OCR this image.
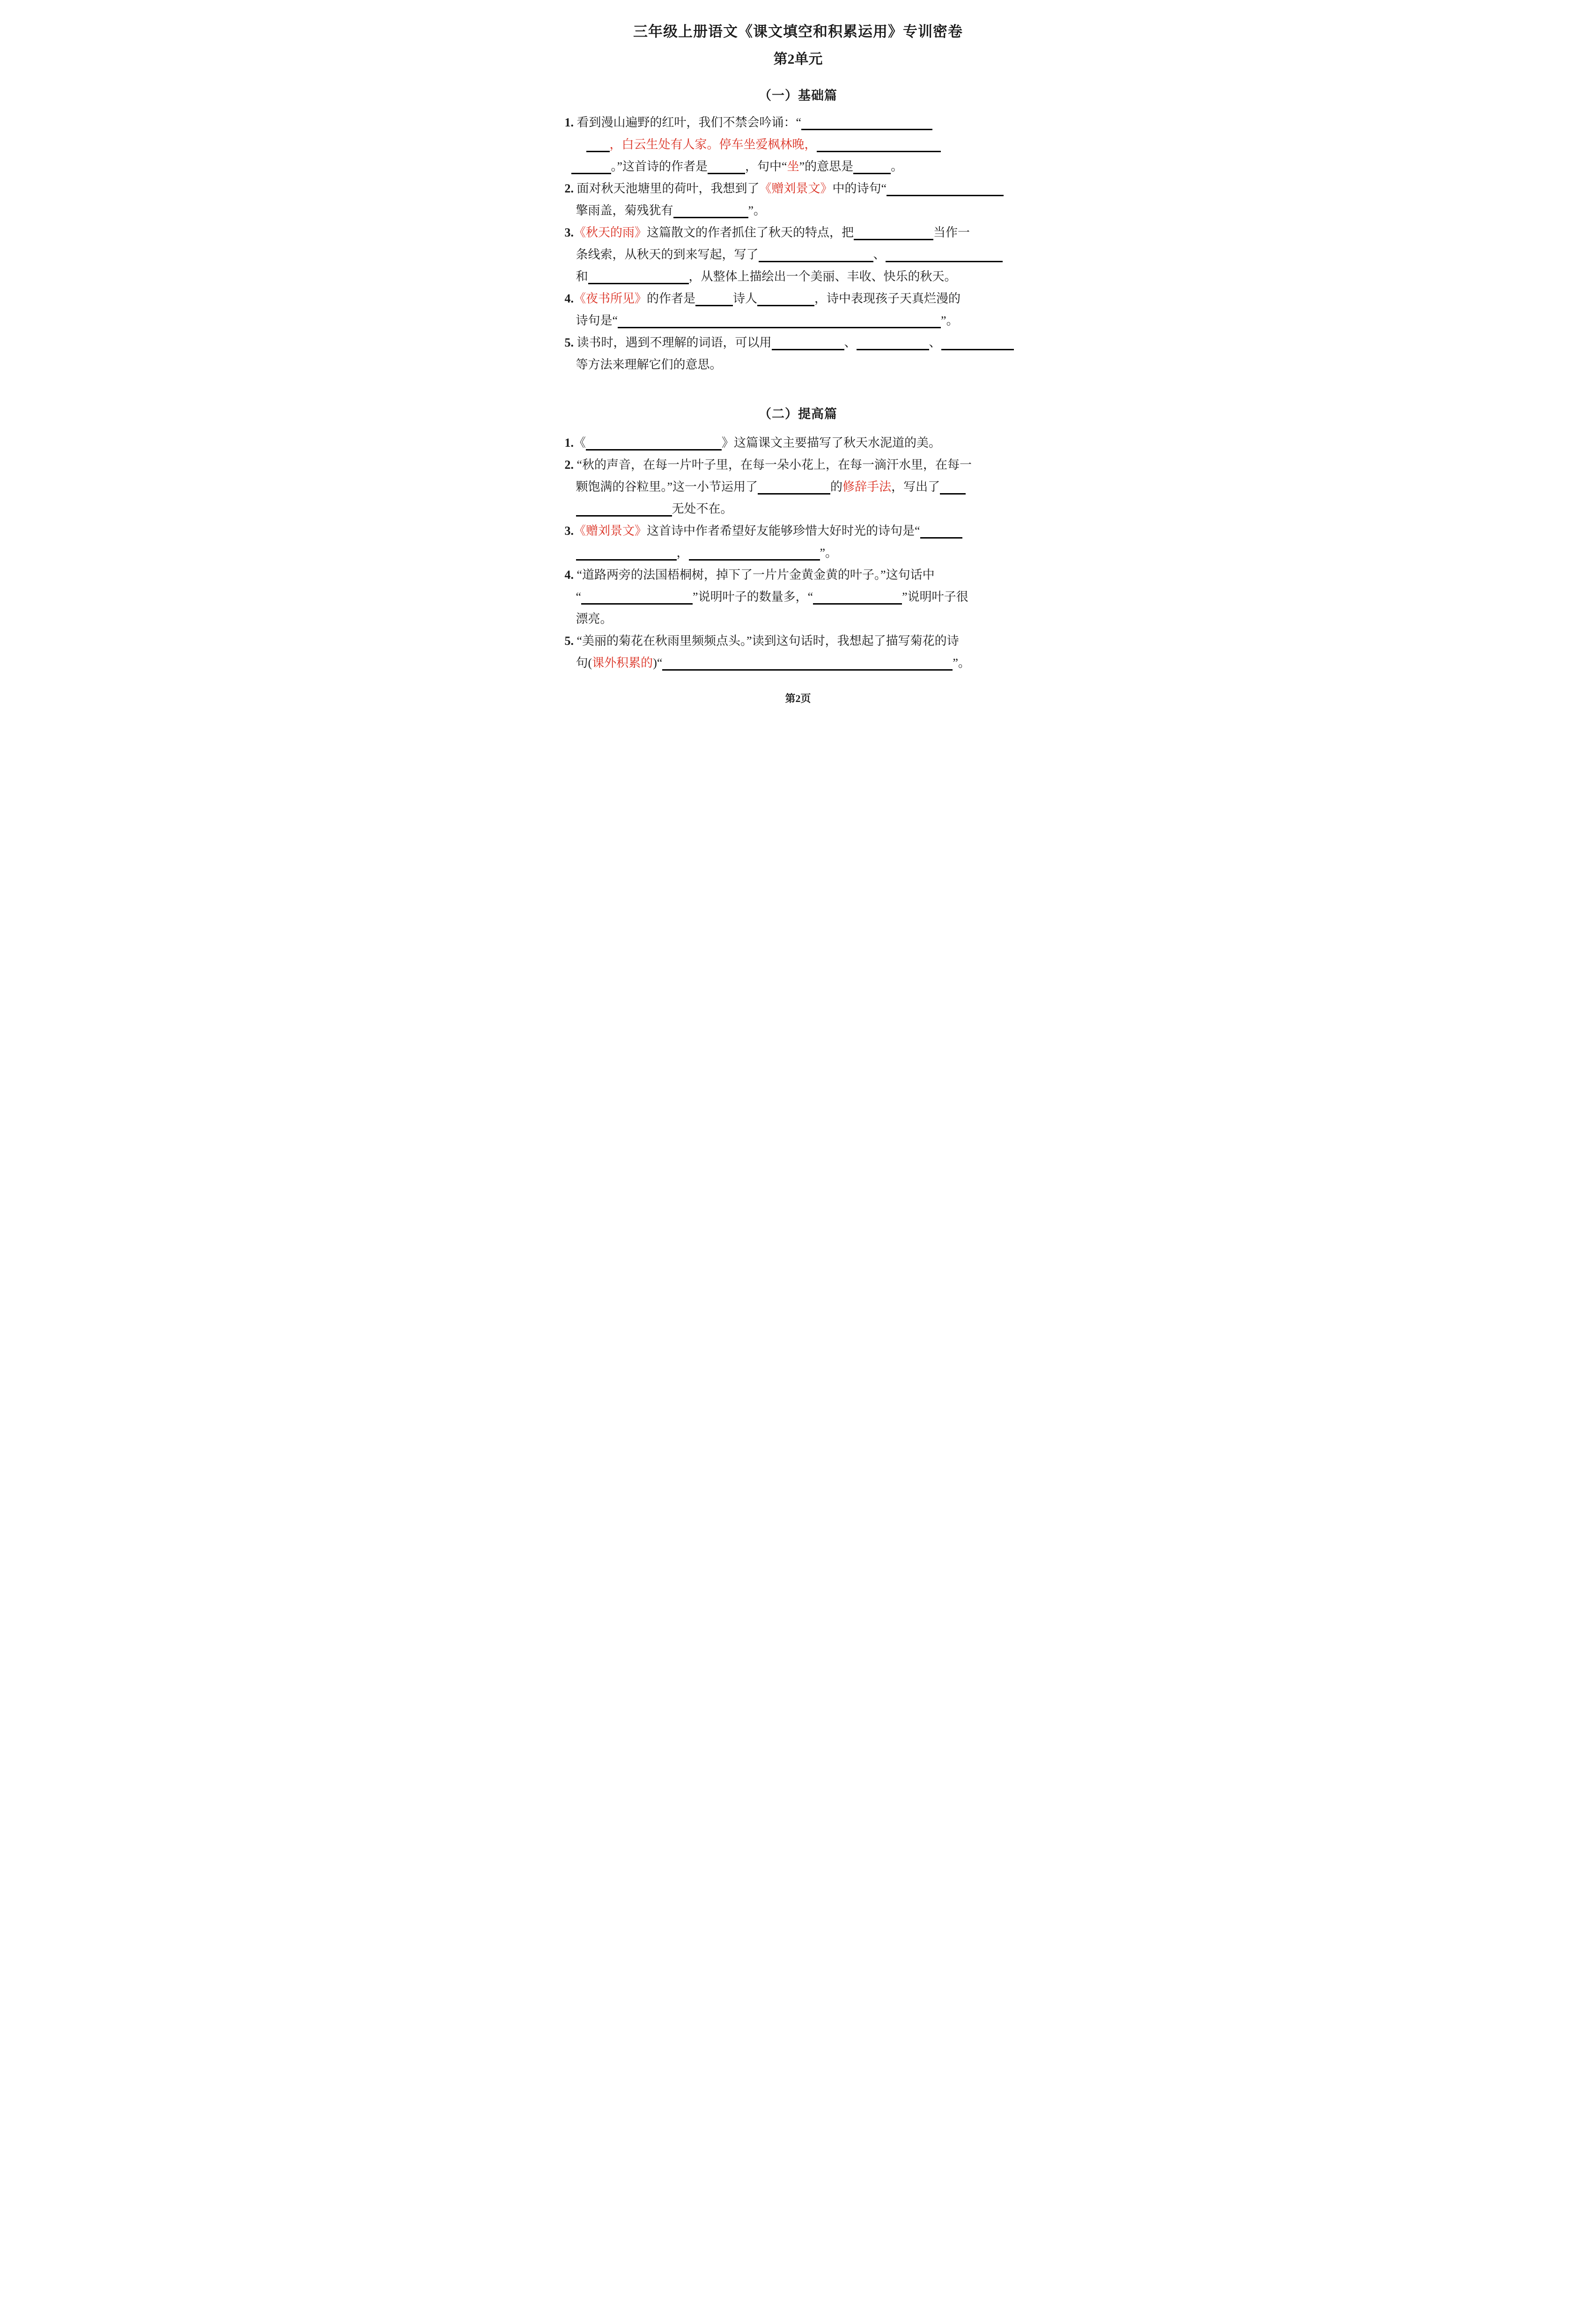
三年级上册语文《课文填空和积累运用》专训密卷
第2单元
（一）基础篇
1. 看到漫山遍野的红叶，我们不禁会吟诵：“
，白云生处有人家。停车坐爱枫林晚，
。”这首诗的作者是	，句中“坐”的意思是	。
2. 面对秋天池塘里的荷叶，我想到了《赠刘景文》中的诗句“
擎雨盖，菊残犹有	”。
3.《秋天的雨》这篇散文的作者抓住了秋天的特点，把	当作一
条线索，从秋天的到来写起，写了	、
和	，从整体上描绘出一个美丽、丰收、快乐的秋天。
4.《夜书所见》的作者是	诗人	，诗中表现孩子天真烂漫的
诗句是“	”。
5. 读书时，遇到不理解的词语，可以用	、	、
等方法来理解它们的意思。
（二）提高篇
1.《	》这篇课文主要描写了秋天水泥道的美。
2. “秋的声音，在每一片叶子里，在每一朵小花上，在每一滴汗水里，在每一
颗饱满的谷粒里。”这一小节运用了	的修辞手法，写出了
无处不在。
3.《赠刘景文》这首诗中作者希望好友能够珍惜大好时光的诗句是“
，	”。
4. “道路两旁的法国梧桐树，掉下了一片片金黄金黄的叶子。”这句话中
“	”说明叶子的数量多，“	”说明叶子很
漂亮。
5. “美丽的菊花在秋雨里频频点头。”读到这句话时，我想起了描写菊花的诗
句(课外积累的)“	”。
第2页
